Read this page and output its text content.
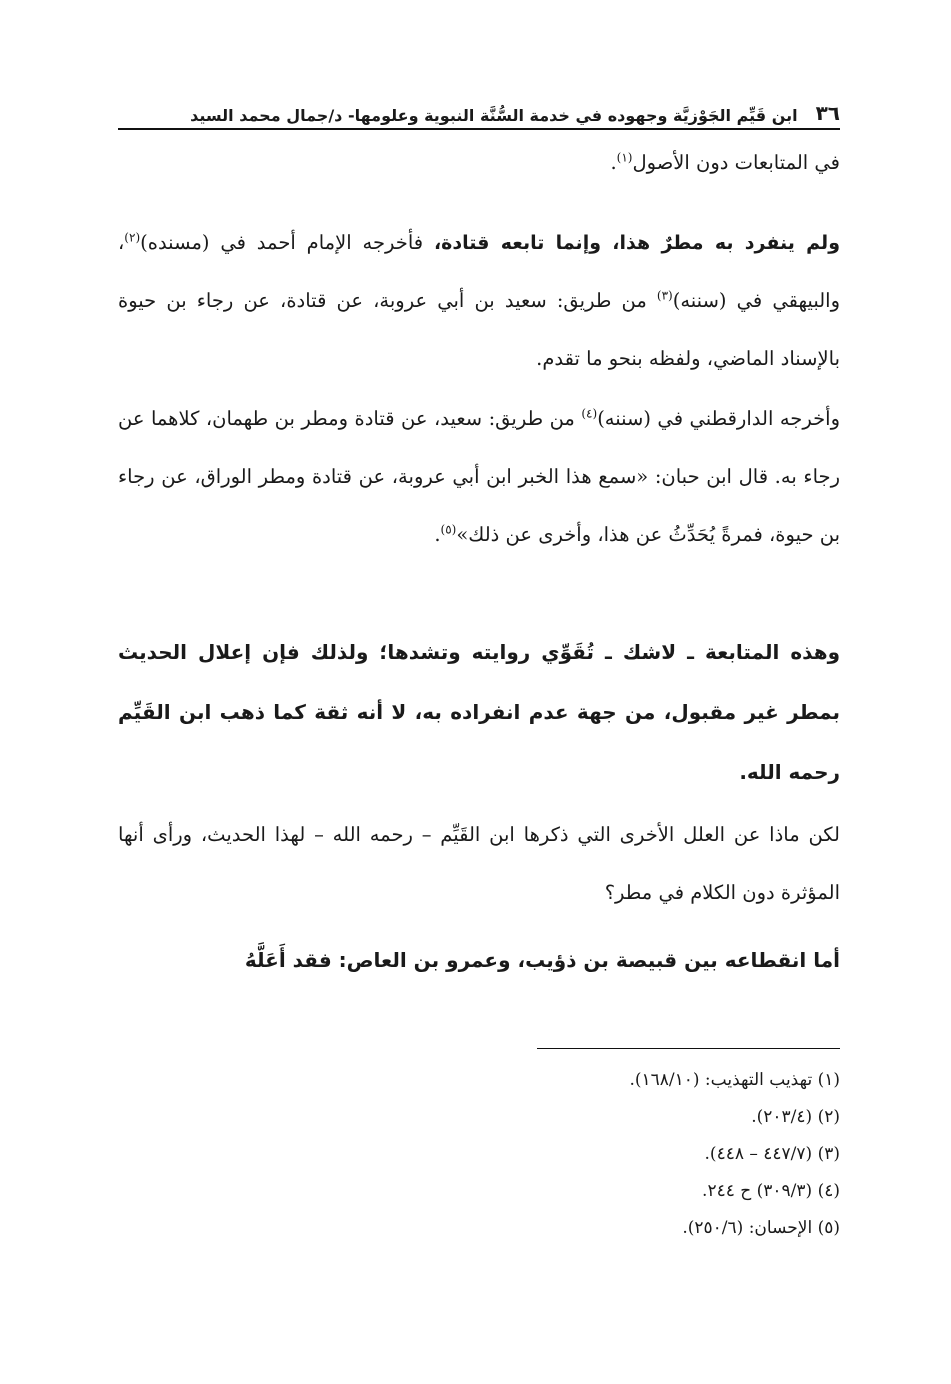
٣٦
ابن قَيِّم الجَوْزيَّة وجهوده في خدمة السُّنَّة النبوية وعلومها- د/جمال محمد السيد

في المتابعات دون الأصول$^{(١)}$.

ولم ينفرد به مطرٌ هذا، وإنما تابعه قتادة، فأخرجه الإمام أحمد في (مسنده)$^{(٢)}$، والبيهقي في (سننه)$^{(٣)}$ من طريق: سعيد بن أبي عروبة، عن قتادة، عن رجاء بن حيوة بالإسناد الماضي، ولفظه بنحو ما تقدم.

وأخرجه الدارقطني في (سننه)$^{(٤)}$ من طريق: سعيد، عن قتادة ومطر بن طهمان، كلاهما عن رجاء به. قال ابن حبان: «سمع هذا الخبر ابن أبي عروبة، عن قتادة ومطر الوراق، عن رجاء بن حيوة، فمرةً يُحَدِّثُ عن هذا، وأخرى عن ذلك»$^{(٥)}$.

وهذه المتابعة ـ لاشك ـ تُقَوِّي روايته وتشدها؛ ولذلك فإن إعلال الحديث بمطر غير مقبول، من جهة عدم انفراده به، لا أنه ثقة كما ذهب ابن القَيِّم رحمه الله.

لكن ماذا عن العلل الأخرى التي ذكرها ابن القَيِّم – رحمه الله – لهذا الحديث، ورأى أنها المؤثرة دون الكلام في مطر؟

أما انقطاعه بين قبيصة بن ذؤيب، وعمرو بن العاص: فقد أَعَلَّهُ

(١) تهذيب التهذيب: (١٦٨/١٠).
(٢) (٢٠٣/٤).
(٣) (٤٤٧/٧ – ٤٤٨).
(٤) (٣٠٩/٣) ح ٢٤٤.
(٥) الإحسان: (٢٥٠/٦).
